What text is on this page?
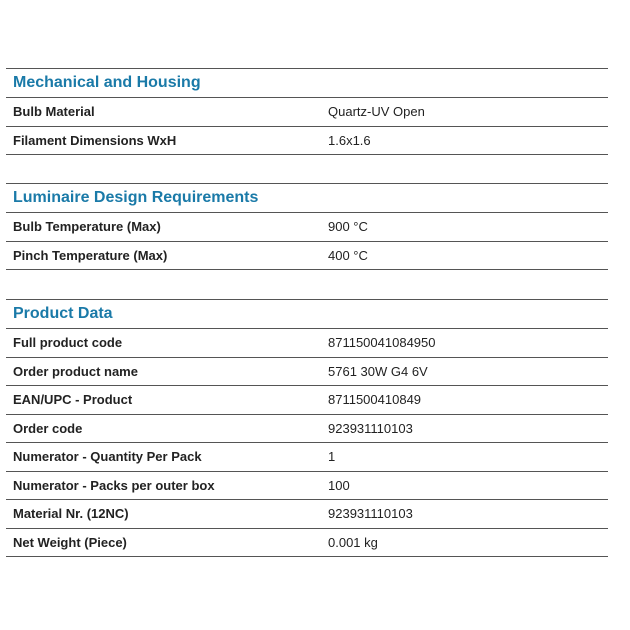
Mechanical and Housing
Bulb Material	Quartz-UV Open
Filament Dimensions WxH	1.6x1.6
Luminaire Design Requirements
Bulb Temperature (Max)	900 °C
Pinch Temperature (Max)	400 °C
Product Data
Full product code	871150041084950
Order product name	5761 30W G4 6V
EAN/UPC - Product	8711500410849
Order code	923931110103
Numerator - Quantity Per Pack	1
Numerator - Packs per outer box	100
Material Nr. (12NC)	923931110103
Net Weight (Piece)	0.001 kg
